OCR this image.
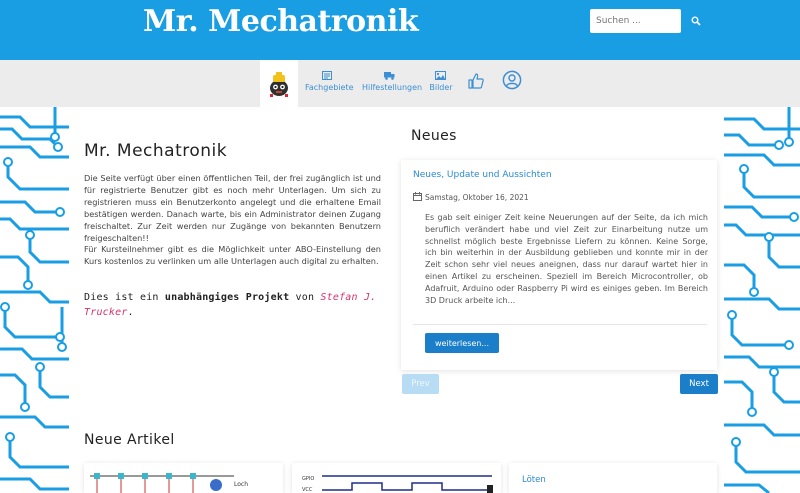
Mr. Mechatronik
Suchen ...
Fachgebiete Hilfestellungen Bilder
Mr. Mechatronik
Die Seite verfügt über einen öffentlichen Teil, der frei zugänglich ist und für registrierte Benutzer gibt es noch mehr Unterlagen. Um sich zu registrieren muss ein Benutzerkonto angelegt und die erhaltene Email bestätigen werden. Danach warte, bis ein Administrator deinen Zugang freischaltet. Zur Zeit werden nur Zugänge von bekannten Benutzern freigeschalten!!
Für Kursteilnehmer gibt es die Möglichkeit unter ABO-Einstellung den Kurs kostenlos zu verlinken um alle Unterlagen auch digital zu erhalten.
Dies ist ein unabhängiges Projekt von Stefan J. Trucker.
Neues
Neues, Update und Aussichten
Samstag, Oktober 16, 2021
Es gab seit einiger Zeit keine Neuerungen auf der Seite, da ich mich beruflich verändert habe und viel Zeit zur Einarbeitung nutze um schnellst möglich beste Ergebnisse Liefern zu können. Keine Sorge, ich bin weiterhin in der Ausbildung geblieben und konnte mir in der Zeit schon sehr viel neues aneignen, dass nur darauf wartet hier in einen Artikel zu erscheinen. Speziell im Bereich Microcontroller, ob Adafruit, Arduino oder Raspberry Pi wird es einiges geben. Im Bereich 3D Druck arbeite ich...
weiterlesen...
Prev	Next
Neue Artikel
Loch
GPIO
VCC
Löten
